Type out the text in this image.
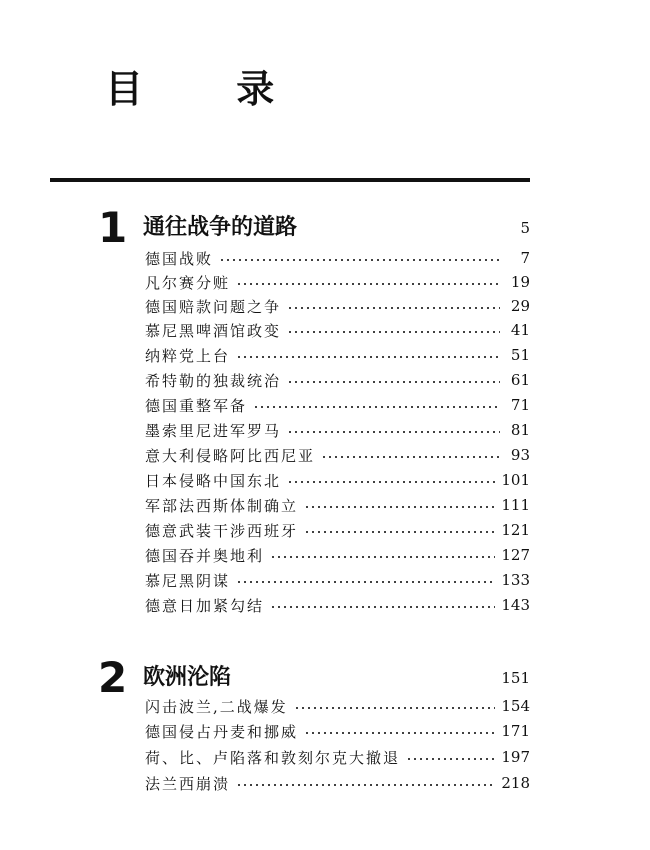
目 录
1 通往战争的道路	5
德国战败	7
凡尔赛分赃	19
德国赔款问题之争	29
慕尼黑啤酒馆政变	41
纳粹党上台	51
希特勒的独裁统治	61
德国重整军备	71
墨索里尼进军罗马	81
意大利侵略阿比西尼亚	93
日本侵略中国东北	101
军部法西斯体制确立	111
德意武装干涉西班牙	121
德国吞并奥地利	127
慕尼黑阴谋	133
德意日加紧勾结	143
2 欧洲沦陷	151
闪击波兰,二战爆发	154
德国侵占丹麦和挪威	171
荷、比、卢陷落和敦刻尔克大撤退	197
法兰西崩溃	218
